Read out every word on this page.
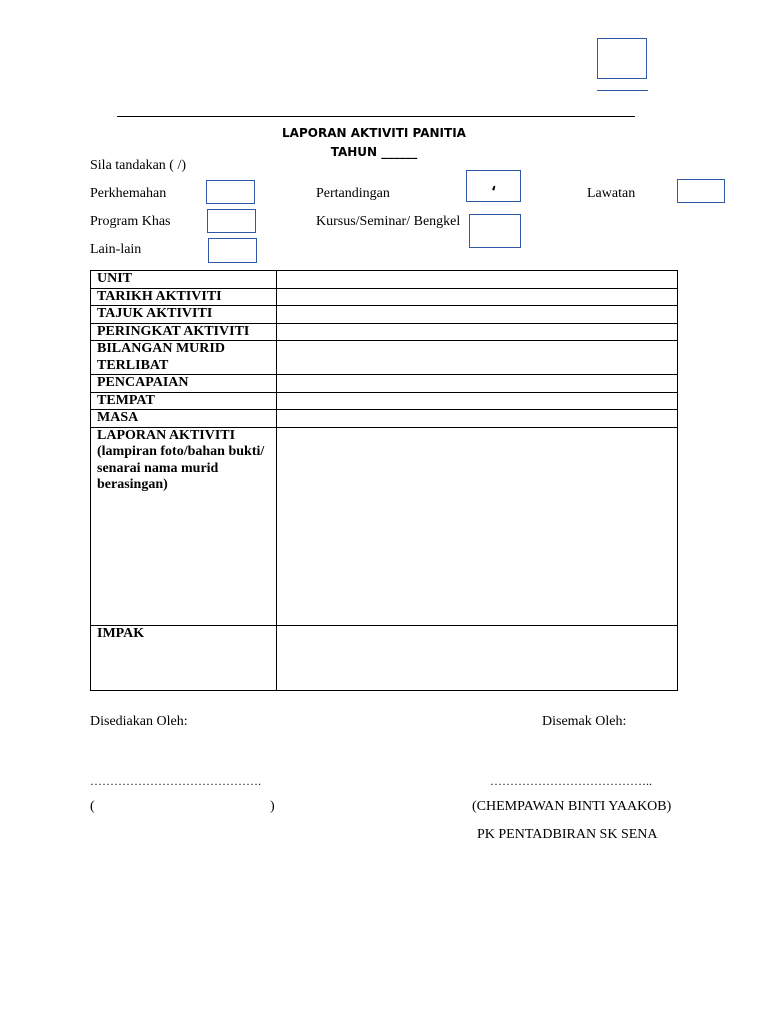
LAPORAN AKTIVITI PANITIA
TAHUN ______
Sila tandakan ( /)
Perkhemahan	Pertandingan	،	Lawatan
Program Khas	Kursus/Seminar/ Bengkel
Lain-lain
UNIT	
TARIKH AKTIVITI	
TAJUK AKTIVITI	
PERINGKAT AKTIVITI	
BILANGAN MURID TERLIBAT	
PENCAPAIAN	
TEMPAT	
MASA	
LAPORAN AKTIVITI (lampiran foto/bahan bukti/ senarai nama murid berasingan)	
IMPAK	
Disediakan Oleh:	Disemak Oleh:
…………………………………….	…………………………………..
(	)	(CHEMPAWAN BINTI YAAKOB)
PK PENTADBIRAN SK SENA
